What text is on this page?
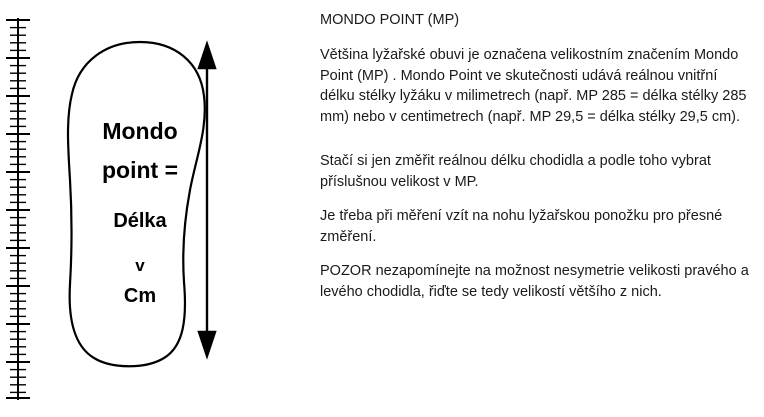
Mondo
point =
Délka
v
Cm

MONDO POINT (MP)

Většina lyžařské obuvi je označena velikostním značením Mondo Point (MP) . Mondo Point ve skutečnosti udává reálnou vnitřní délku stélky lyžáku v milimetrech (např. MP 285 = délka stélky 285 mm) nebo v centimetrech (např. MP 29,5 = délka stélky 29,5 cm).

Stačí si jen změřit reálnou délku chodidla a podle toho vybrat příslušnou velikost v MP.

Je třeba při měření vzít na nohu lyžařskou ponožku pro přesné změření.

POZOR nezapomínejte na možnost nesymetrie velikosti pravého a levého chodidla, řiďte se tedy velikostí většího z nich.
